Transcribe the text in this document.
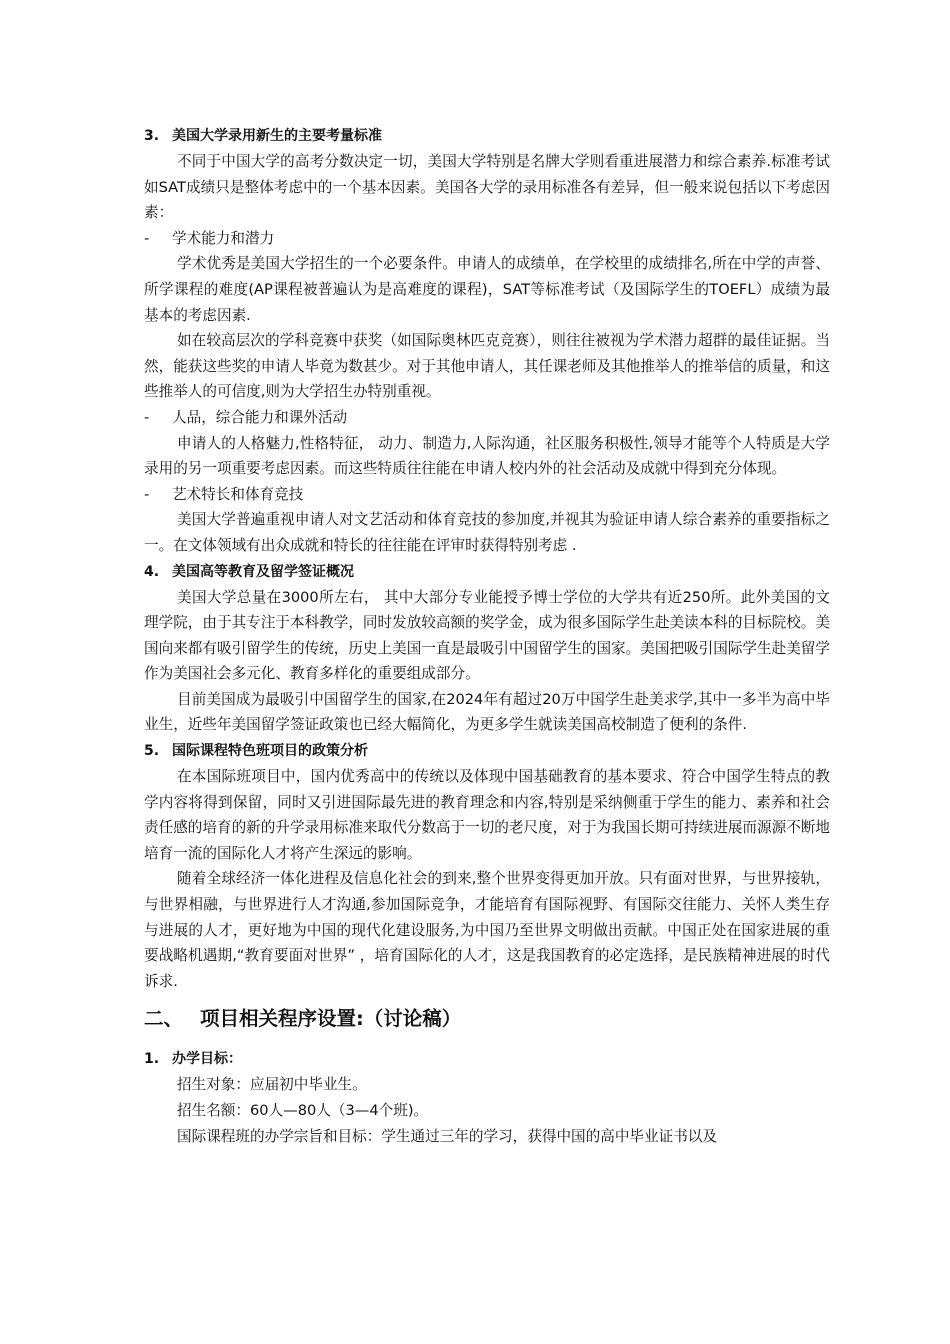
3. 美国大学录用新生的主要考量标准

不同于中国大学的高考分数决定一切，美国大学特别是名牌大学则看重进展潜力和综合素养.标准考试如SAT成绩只是整体考虑中的一个基本因素。美国各大学的录用标准各有差异，但一般来说包括以下考虑因素：

- 学术能力和潜力

学术优秀是美国大学招生的一个必要条件。申请人的成绩单，在学校里的成绩排名,所在中学的声誉、所学课程的难度(AP课程被普遍认为是高难度的课程)，SAT等标准考试（及国际学生的TOEFL）成绩为最基本的考虑因素.

如在较高层次的学科竞赛中获奖（如国际奥林匹克竞赛），则往往被视为学术潜力超群的最佳证据。当然，能获这些奖的申请人毕竟为数甚少。对于其他申请人，其任课老师及其他推举人的推举信的质量，和这些推举人的可信度,则为大学招生办特别重视。

- 人品，综合能力和课外活动

申请人的人格魅力,性格特征， 动力、制造力,人际沟通，社区服务积极性,领导才能等个人特质是大学录用的另一项重要考虑因素。而这些特质往往能在申请人校内外的社会活动及成就中得到充分体现。

- 艺术特长和体育竞技

美国大学普遍重视申请人对文艺活动和体育竞技的参加度,并视其为验证申请人综合素养的重要指标之一。在文体领域有出众成就和特长的往往能在评审时获得特别考虑 .

4. 美国高等教育及留学签证概况

美国大学总量在3000所左右， 其中大部分专业能授予博士学位的大学共有近250所。此外美国的文理学院，由于其专注于本科教学，同时发放较高额的奖学金，成为很多国际学生赴美读本科的目标院校。美国向来都有吸引留学生的传统，历史上美国一直是最吸引中国留学生的国家。美国把吸引国际学生赴美留学作为美国社会多元化、教育多样化的重要组成部分。

目前美国成为最吸引中国留学生的国家,在2024年有超过20万中国学生赴美求学,其中一多半为高中毕业生，近些年美国留学签证政策也已经大幅简化，为更多学生就读美国高校制造了便利的条件.

5. 国际课程特色班项目的政策分析

在本国际班项目中，国内优秀高中的传统以及体现中国基础教育的基本要求、符合中国学生特点的教学内容将得到保留，同时又引进国际最先进的教育理念和内容,特别是采纳侧重于学生的能力、素养和社会责任感的培育的新的升学录用标准来取代分数高于一切的老尺度，对于为我国长期可持续进展而源源不断地培育一流的国际化人才将产生深远的影响。

随着全球经济一体化进程及信息化社会的到来,整个世界变得更加开放。只有面对世界，与世界接轨，与世界相融，与世界进行人才沟通,参加国际竞争，才能培育有国际视野、有国际交往能力、关怀人类生存与进展的人才，更好地为中国的现代化建设服务,为中国乃至世界文明做出贡献。中国正处在国家进展的重要战略机遇期,“教育要面对世界” ，培育国际化的人才，这是我国教育的必定选择，是民族精神进展的时代诉求.

二、 项目相关程序设置:（讨论稿）
1. 办学目标：
招生对象：应届初中毕业生。
招生名额：60人—80人（3—4个班)。
国际课程班的办学宗旨和目标：学生通过三年的学习，获得中国的高中毕业证书以及
